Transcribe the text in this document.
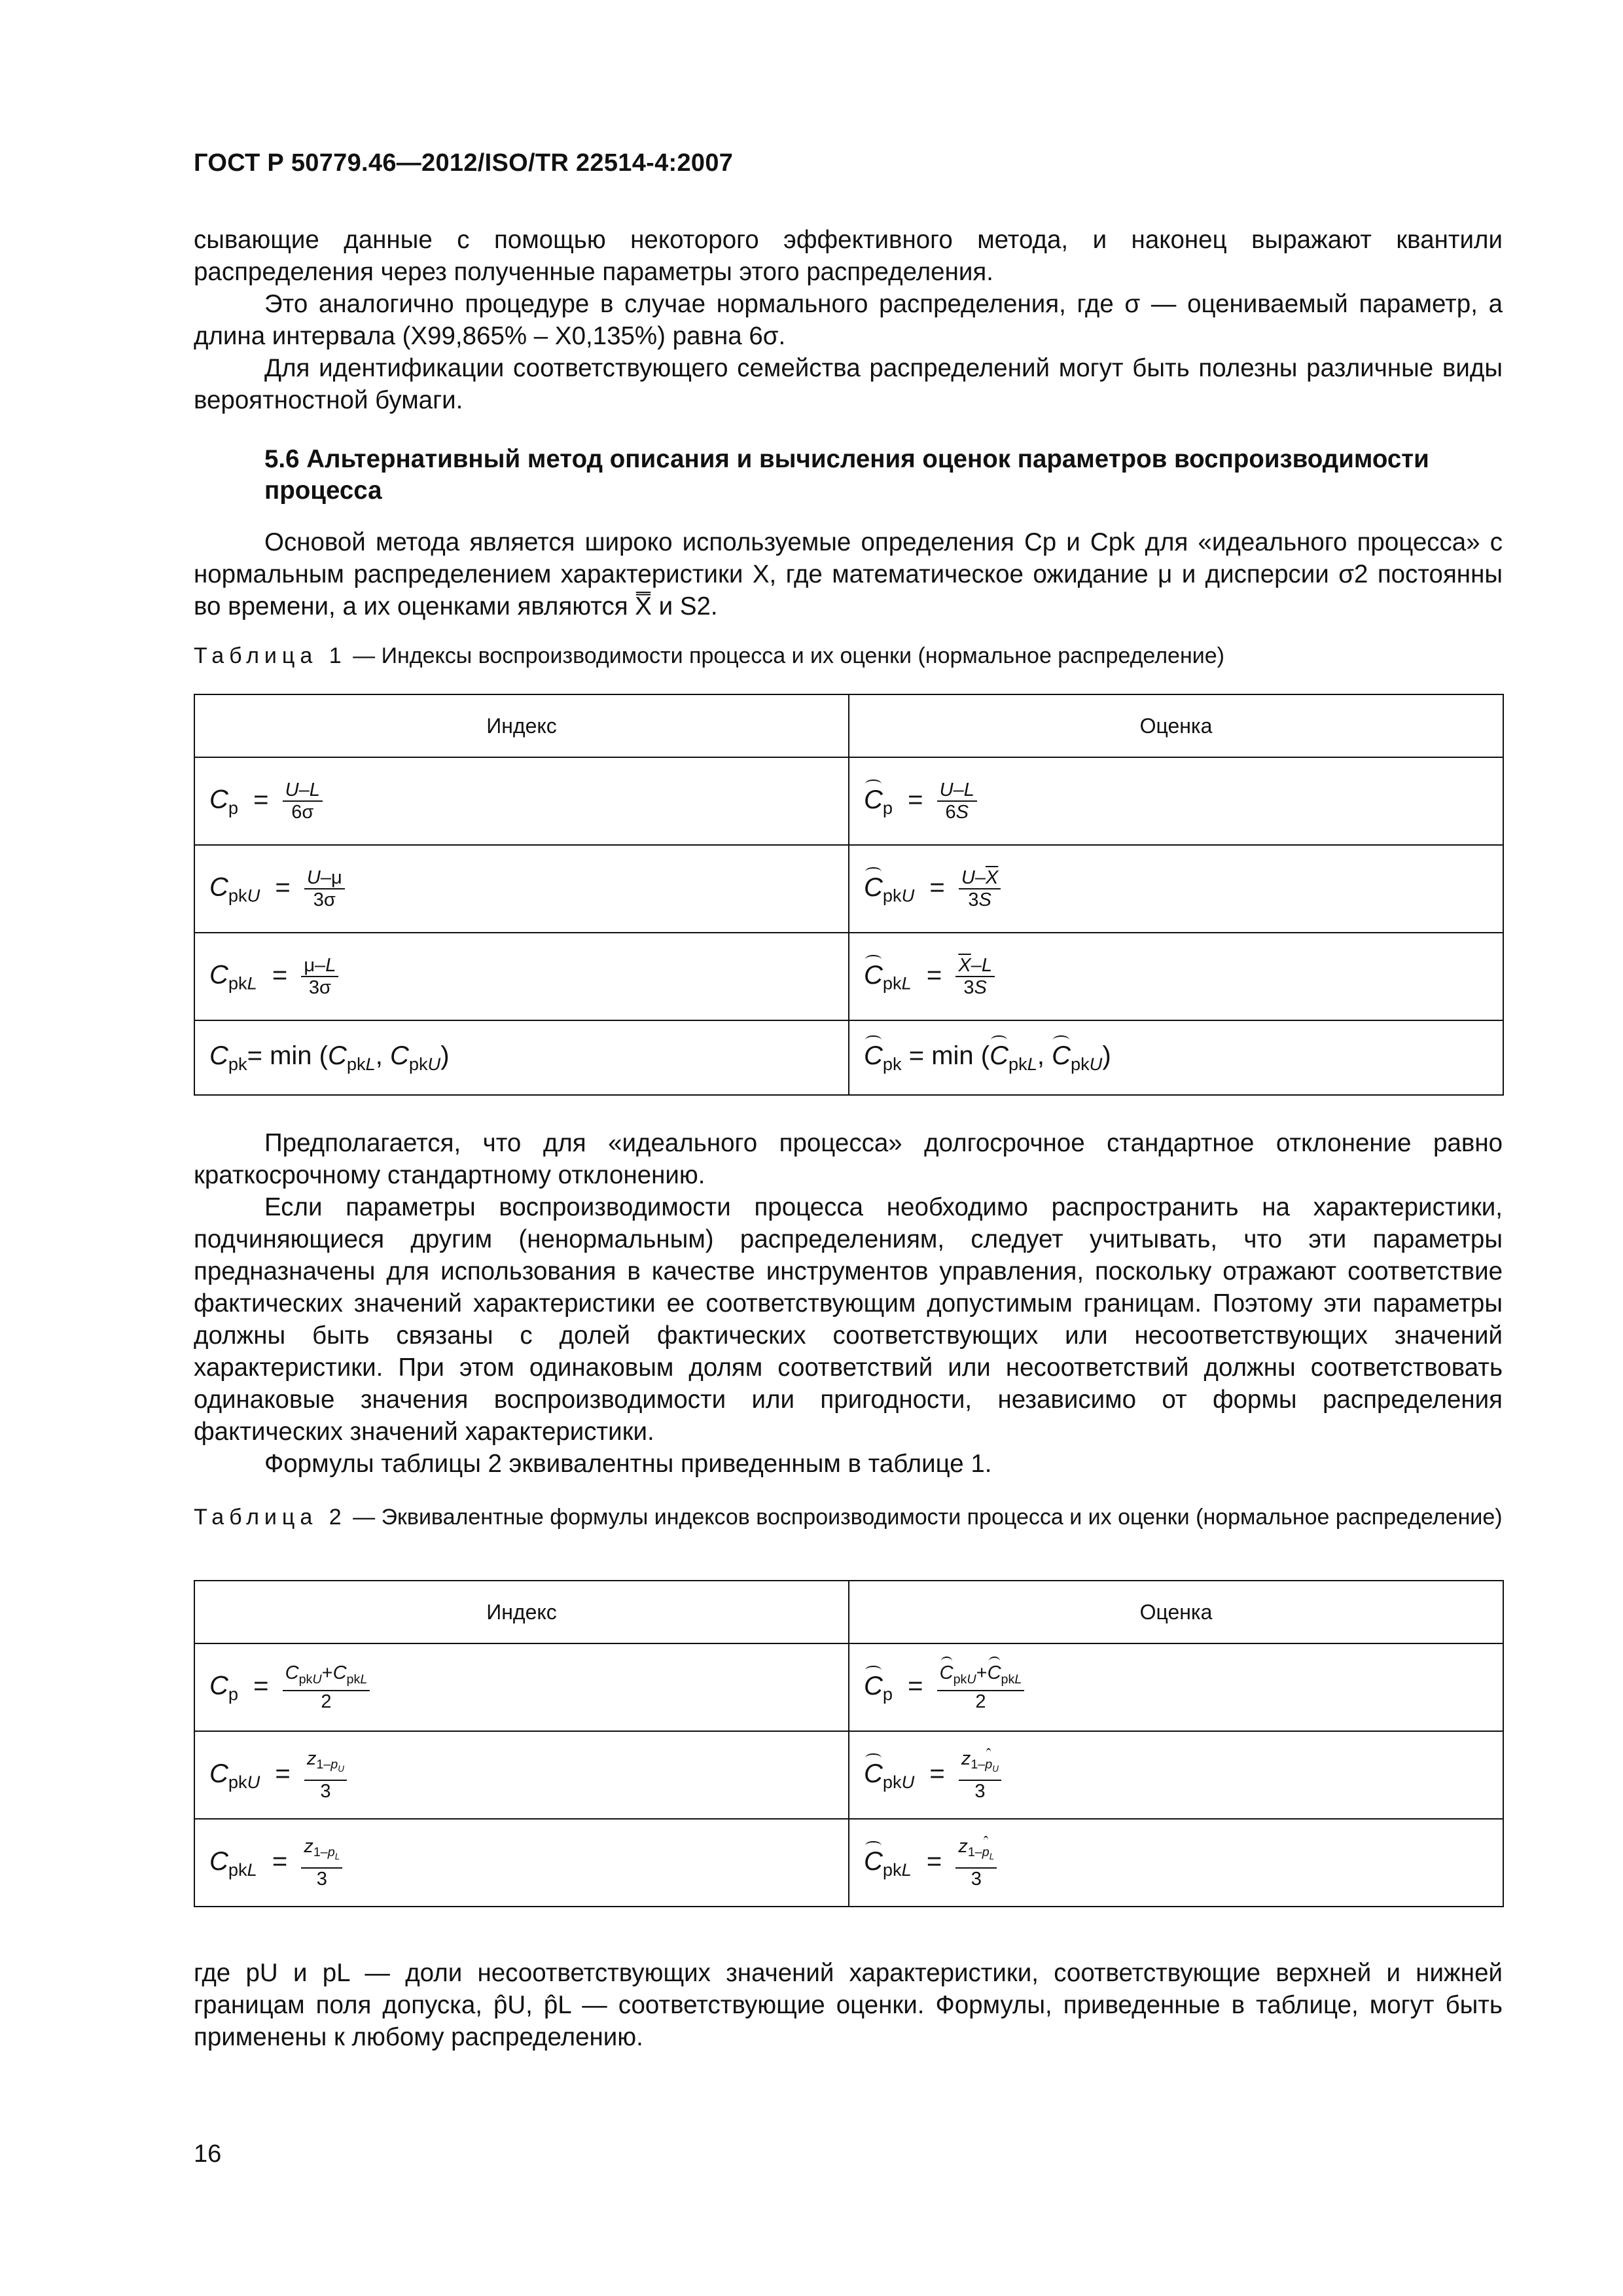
ГОСТ Р 50779.46—2012/ISO/TR 22514-4:2007

сывающие данные с помощью некоторого эффективного метода, и наконец выражают квантили распределения через полученные параметры этого распределения.

Это аналогично процедуре в случае нормального распределения, где σ — оцениваемый параметр, а длина интервала (X99,865% – X0,135%) равна 6σ.

Для идентификации соответствующего семейства распределений могут быть полезны различные виды вероятностной бумаги.

5.6 Альтернативный метод описания и вычисления оценок параметров воспроизводимости процесса

Основой метода является широко используемые определения Cp и Cpk для «идеального процесса» с нормальным распределением характеристики X, где математическое ожидание μ и дисперсии σ2 постоянны во времени, а их оценками являются X̿ и S2.

Таблица 1 — Индексы воспроизводимости процесса и их оценки (нормальное распределение)
Индекс	Оценка
$C_p = \frac{U-L}{6\sigma}$	$C_p = \frac{U-L}{6S}$

$C_{pkU} = \frac{U-\mu}{3\sigma}$	$C_{pkU} = \frac{U-\overline{X}}{3S}$

$C_{pkL} = \frac{\mu-L}{3\sigma}$	$C_{pkL} = \frac{\overline{X}-L}{3S}$

$C_{pk}= \min (C_{pkL}$, $C_{pkU}$)	$C_{pk} = \min (C_{pkL}$, $C_{pkU}$)

Предполагается, что для «идеального процесса» долгосрочное стандартное отклонение равно краткосрочному стандартному отклонению.

Если параметры воспроизводимости процесса необходимо распространить на характеристики, подчиняющиеся другим (ненормальным) распределениям, следует учитывать, что эти параметры предназначены для использования в качестве инструментов управления, поскольку отражают соответствие фактических значений характеристики ее соответствующим допустимым границам. Поэтому эти параметры должны быть связаны с долей фактических соответствующих или несоответствующих значений характеристики. При этом одинаковым долям соответствий или несоответствий должны соответствовать одинаковые значения воспроизводимости или пригодности, независимо от формы распределения фактических значений характеристики.

Формулы таблицы 2 эквивалентны приведенным в таблице 1.

Таблица 2 — Эквивалентные формулы индексов воспроизводимости процесса и их оценки (нормальное распределение)
Индекс	Оценка
$C_p = \frac{C_{pkU}+C_{pkL}}{2}$	$C_p = \frac{C_{pkU}+C_{pkL}}{2}$

$C_{pkU} = \frac{z_{1-p_U}}{3}$	$C_{pkU} = \frac{z_{1-p_U}}{3}$

$C_{pkL} = \frac{z_{1-p_L}}{3}$	$C_{pkL} = \frac{z_{1-p_L}}{3}$

где pU и pL — доли несоответствующих значений характеристики, соответствующие верхней и нижней границам поля допуска, p̂U, p̂L — соответствующие оценки. Формулы, приведенные в таблице, могут быть применены к любому распределению.

16
